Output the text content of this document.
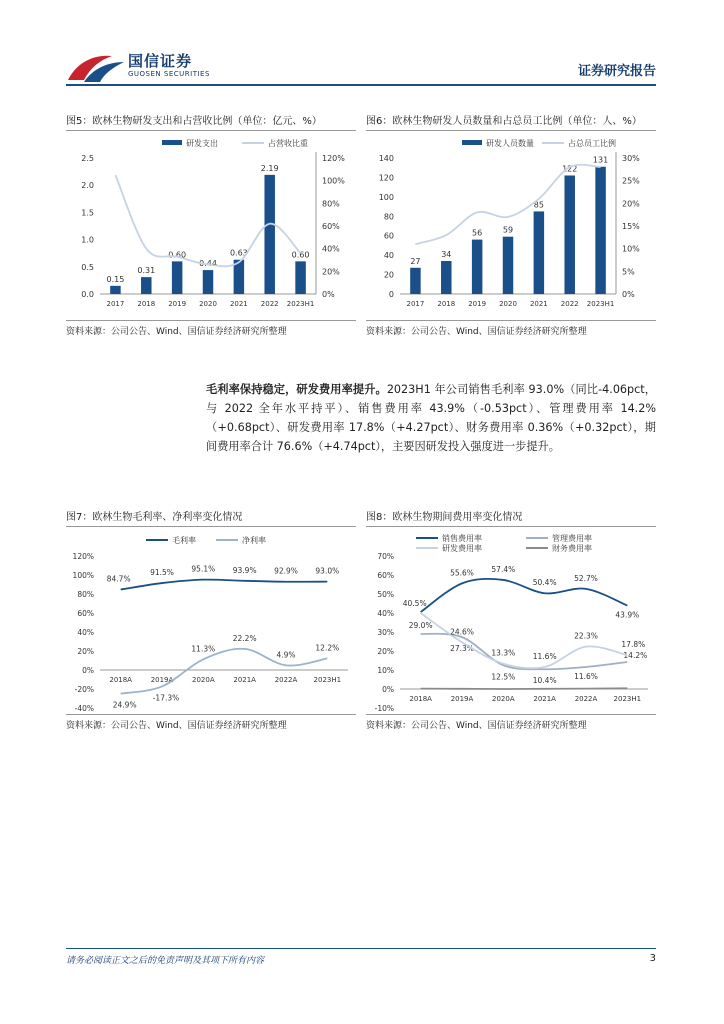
国信证券
GUOSEN SECURITIES	证券研究报告
图5：欧林生物研发支出和占营收比例（单位：亿元、%）
研发支出	占营收比重
0.0
0.5
1.0
1.5
2.0
2.5
0%
20%
40%
60%
80%
100%
120%
0.15
2017
0.31
2018
0.60
2019
0.44
2020
0.63
2021
2.19
2022
0.60
2023H1
资料来源：公司公告、Wind、国信证券经济研究所整理
图6：欧林生物研发人员数量和占总员工比例（单位：人、%）
研发人员数量	占总员工比例
0
20
40
60
80
100
120
140
0%
5%
10%
15%
20%
25%
30%
27
2017
34
2018
56
2019
59
2020
85
2021
122
2022
131
2023H1
资料来源：公司公告、Wind、国信证券经济研究所整理
毛利率保持稳定，研发费用率提升。2023H1 年公司销售毛利率 93.0%（同比-4.06pct，与 2022 全年水平持平）、销售费用率 43.9%（-0.53pct）、管理费用率 14.2%（+0.68pct）、研发费用率 17.8%（+4.27pct）、财务费用率 0.36%（+0.32pct），期间费用率合计 76.6%（+4.74pct），主要因研发投入强度进一步提升。
图7：欧林生物毛利率、净利率变化情况
-40%
-20%
0%
20%
40%
60%
80%
100%
120%
2018A	2019A	2020A	2021A	2022A 2023H1
毛利率	净利率
84.7%
91.5% 95.1% 93.9% 92.9% 93.0%
24.9%
-17.3%
11.3%
22.2%
4.9%
12.2%
资料来源：公司公告、Wind、国信证券经济研究所整理
图8：欧林生物期间费用率变化情况
-10%
0%
10%
20%
30%
40%
50%
60%
70%
2018A	2019A	2020A	2021A	2022A 2023H1
销售费用率	管理费用率
研发费用率	财务费用率
40.5%
55.6% 57.4%
50.4% 52.7%
43.9%
29.0%
27.3%
12.5% 10.4% 11.6%
14.2%
24.6%
13.3% 11.6%
22.3%
17.8%
资料来源：公司公告、Wind、国信证券经济研究所整理
请务必阅读正文之后的免责声明及其项下所有内容	3
